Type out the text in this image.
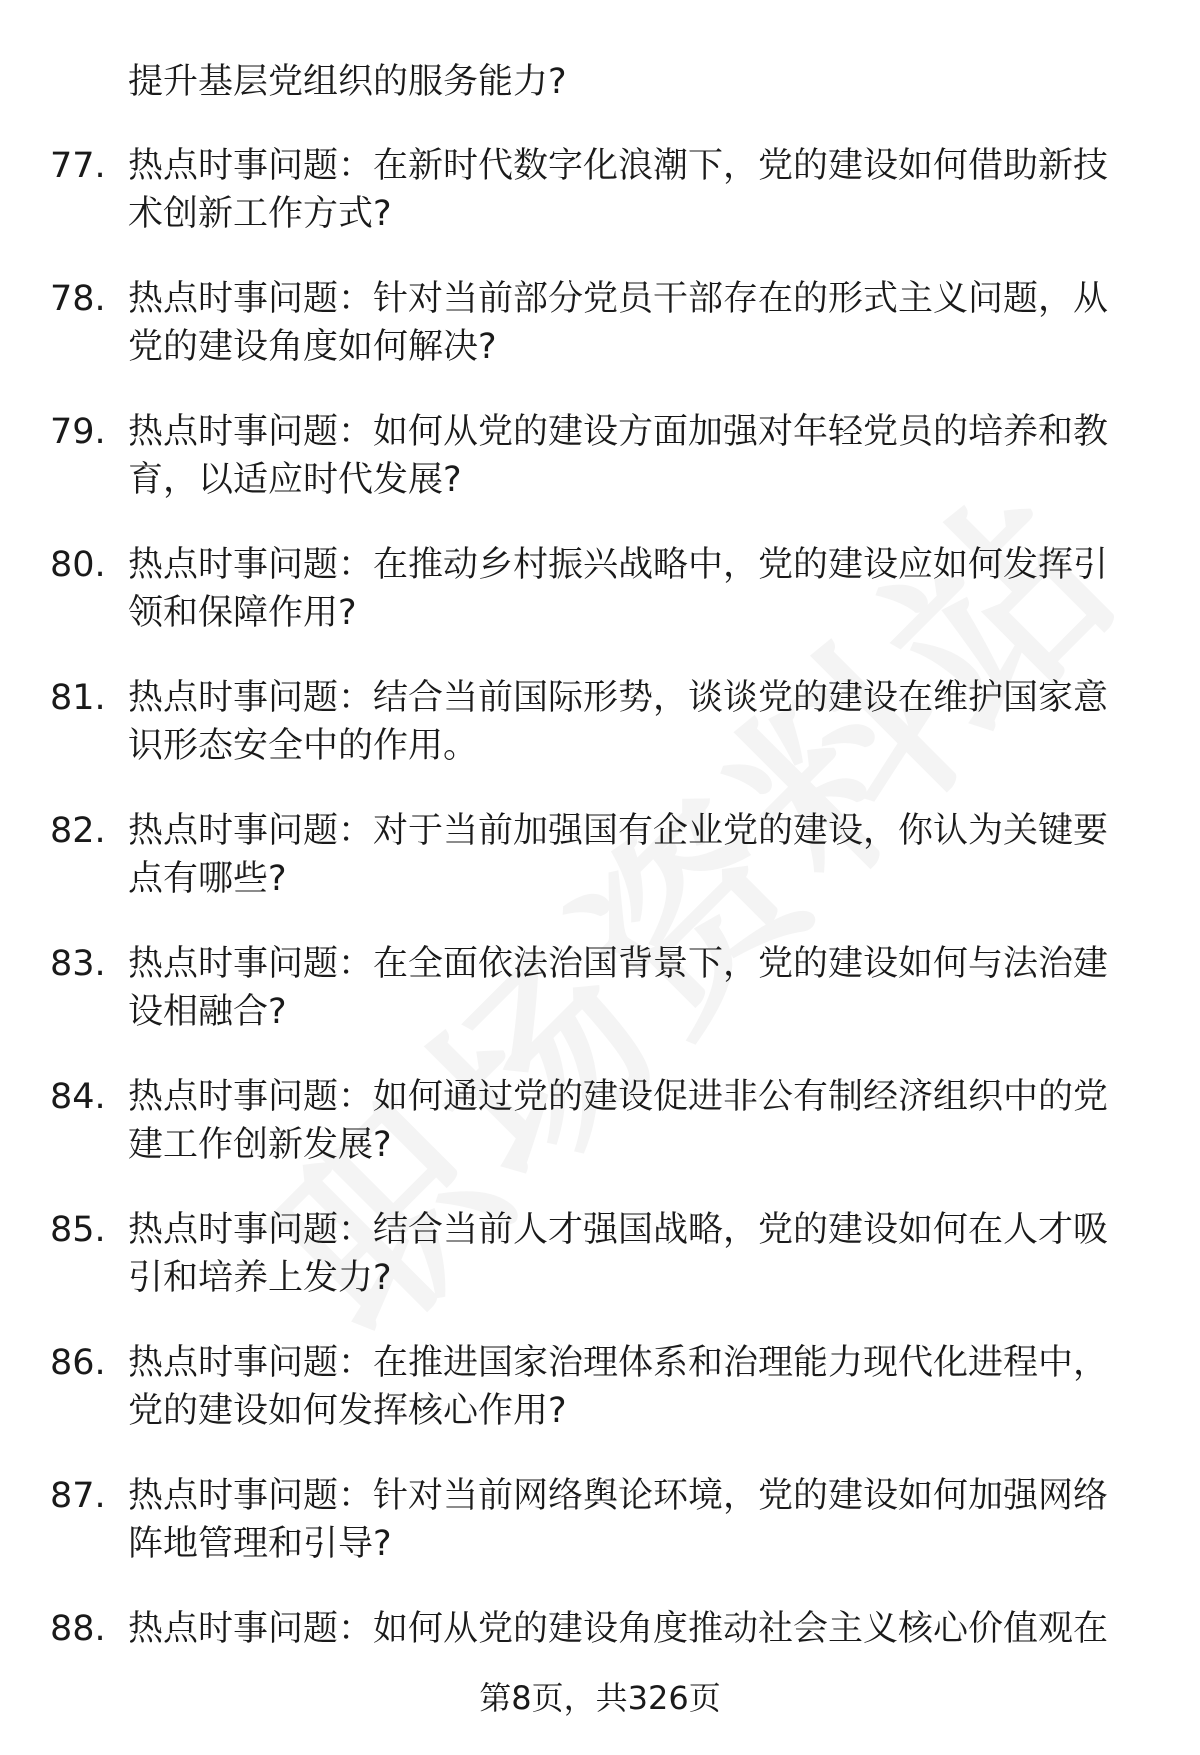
提升基层党组织的服务能力?
77. 热点时事问题：在新时代数字化浪潮下，党的建设如何借助新技
术创新工作方式?
78. 热点时事问题：针对当前部分党员干部存在的形式主义问题，从
党的建设角度如何解决?
79. 热点时事问题：如何从党的建设方面加强对年轻党员的培养和教
育，以适应时代发展?
80. 热点时事问题：在推动乡村振兴战略中，党的建设应如何发挥引
领和保障作用?
81. 热点时事问题：结合当前国际形势，谈谈党的建设在维护国家意
识形态安全中的作用。
82. 热点时事问题：对于当前加强国有企业党的建设，你认为关键要
点有哪些?
83. 热点时事问题：在全面依法治国背景下，党的建设如何与法治建
设相融合?
84. 热点时事问题：如何通过党的建设促进非公有制经济组织中的党
建工作创新发展?
85. 热点时事问题：结合当前人才强国战略，党的建设如何在人才吸
引和培养上发力?
86. 热点时事问题：在推进国家治理体系和治理能力现代化进程中，
党的建设如何发挥核心作用?
87. 热点时事问题：针对当前网络舆论环境，党的建设如何加强网络
阵地管理和引导?
88. 热点时事问题：如何从党的建设角度推动社会主义核心价值观在
第8页，共326页
